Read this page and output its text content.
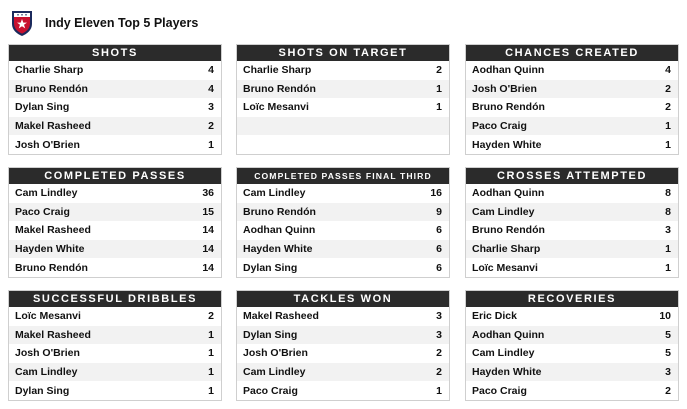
Indy Eleven Top 5 Players
SHOTS
Charlie Sharp	4
Bruno Rendón	4
Dylan Sing	3
Makel Rasheed	2
Josh O'Brien	1
SHOTS ON TARGET
Charlie Sharp	2
Bruno Rendón	1
Loïc Mesanvi	1
CHANCES CREATED
Aodhan Quinn	4
Josh O'Brien	2
Bruno Rendón	2
Paco Craig	1
Hayden White	1
COMPLETED PASSES
Cam Lindley	36
Paco Craig	15
Makel Rasheed	14
Hayden White	14
Bruno Rendón	14
COMPLETED PASSES FINAL THIRD
Cam Lindley	16
Bruno Rendón	9
Aodhan Quinn	6
Hayden White	6
Dylan Sing	6
CROSSES ATTEMPTED
Aodhan Quinn	8
Cam Lindley	8
Bruno Rendón	3
Charlie Sharp	1
Loïc Mesanvi	1
SUCCESSFUL DRIBBLES
Loïc Mesanvi	2
Makel Rasheed	1
Josh O'Brien	1
Cam Lindley	1
Dylan Sing	1
TACKLES WON
Makel Rasheed	3
Dylan Sing	3
Josh O'Brien	2
Cam Lindley	2
Paco Craig	1
RECOVERIES
Eric Dick	10
Aodhan Quinn	5
Cam Lindley	5
Hayden White	3
Paco Craig	2
